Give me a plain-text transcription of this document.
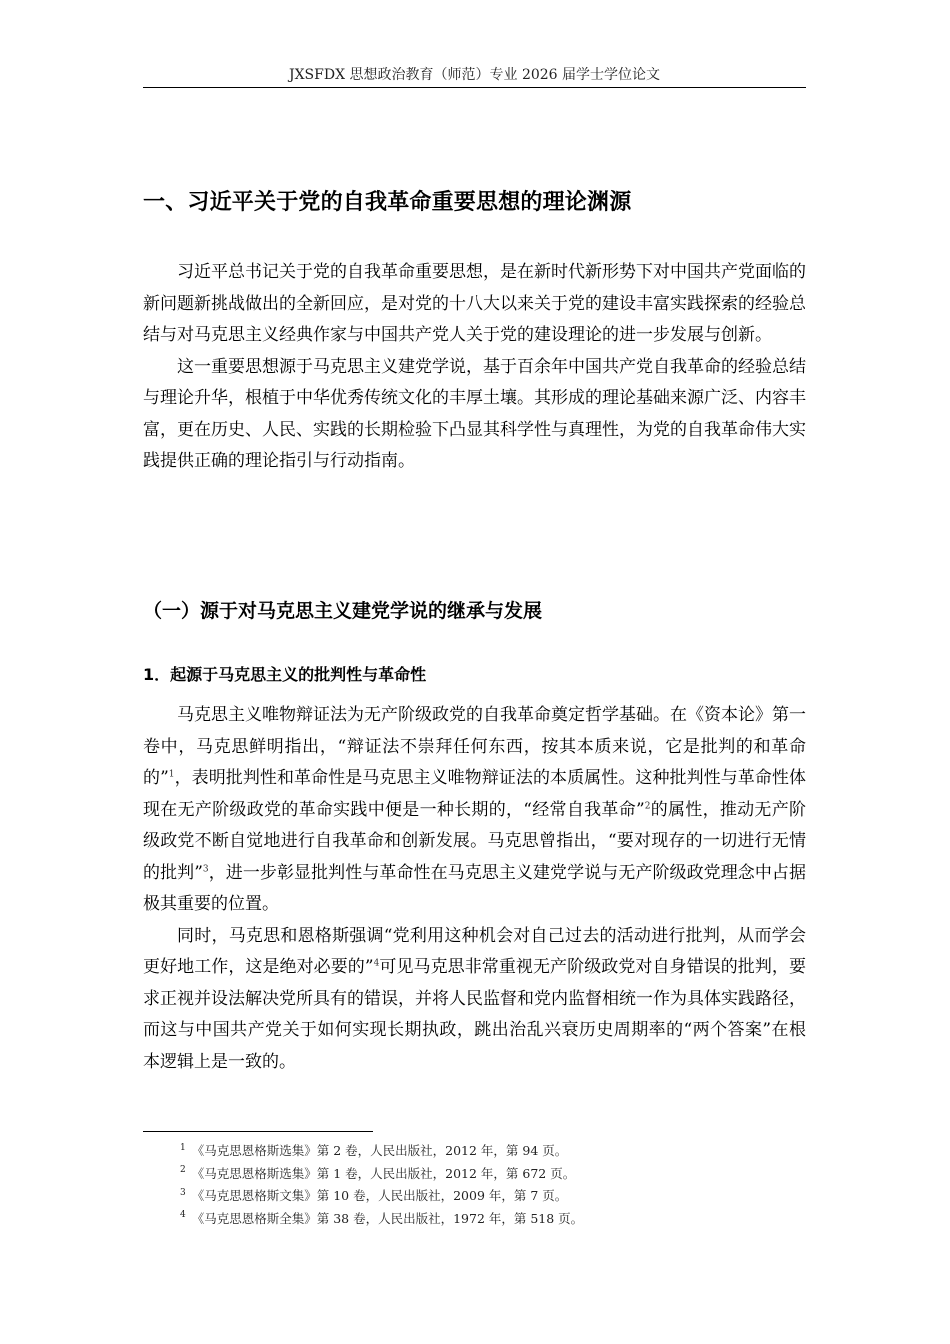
JXSFDX 思想政治教育（师范）专业 2026 届学士学位论文
一、习近平关于党的自我革命重要思想的理论渊源

习近平总书记关于党的自我革命重要思想，是在新时代新形势下对中国共产党面临的新问题新挑战做出的全新回应，是对党的十八大以来关于党的建设丰富实践探索的经验总结与对马克思主义经典作家与中国共产党人关于党的建设理论的进一步发展与创新。

这一重要思想源于马克思主义建党学说，基于百余年中国共产党自我革命的经验总结与理论升华，根植于中华优秀传统文化的丰厚土壤。其形成的理论基础来源广泛、内容丰富，更在历史、人民、实践的长期检验下凸显其科学性与真理性，为党的自我革命伟大实践提供正确的理论指引与行动指南。

（一）源于对马克思主义建党学说的继承与发展
1．起源于马克思主义的批判性与革命性

马克思主义唯物辩证法为无产阶级政党的自我革命奠定哲学基础。在《资本论》第一卷中，马克思鲜明指出，“辩证法不崇拜任何东西，按其本质来说，它是批判的和革命的”$^1$，表明批判性和革命性是马克思主义唯物辩证法的本质属性。这种批判性与革命性体现在无产阶级政党的革命实践中便是一种长期的，“经常自我革命”$^2$的属性，推动无产阶级政党不断自觉地进行自我革命和创新发展。马克思曾指出，“要对现存的一切进行无情的批判”$^3$，进一步彰显批判性与革命性在马克思主义建党学说与无产阶级政党理念中占据极其重要的位置。

同时，马克思和恩格斯强调“党利用这种机会对自己过去的活动进行批判，从而学会更好地工作，这是绝对必要的”$^4$可见马克思非常重视无产阶级政党对自身错误的批判，要求正视并设法解决党所具有的错误，并将人民监督和党内监督相统一作为具体实践路径，而这与中国共产党关于如何实现长期执政，跳出治乱兴衰历史周期率的“两个答案”在根本逻辑上是一致的。

$^1$ 《马克思恩格斯选集》第 2 卷，人民出版社，2012 年，第 94 页。
$^2$ 《马克思恩格斯选集》第 1 卷，人民出版社，2012 年，第 672 页。
$^3$ 《马克思恩格斯文集》第 10 卷，人民出版社，2009 年，第 7 页。
$^4$ 《马克思恩格斯全集》第 38 卷，人民出版社，1972 年，第 518 页。
